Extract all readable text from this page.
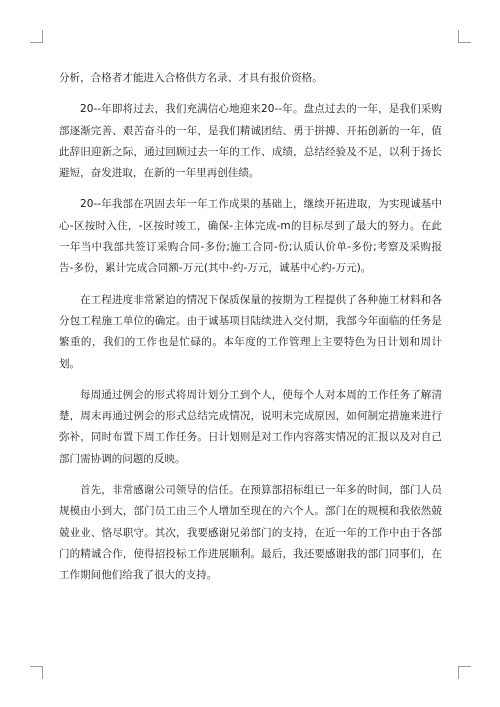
分析，合格者才能进入合格供方名录、才具有报价资格。

20--年即将过去，我们充满信心地迎来20--年。盘点过去的一年，是我们采购部逐渐完善、艰苦奋斗的一年，是我们精诚团结、勇于拼搏、开拓创新的一年，值此辞旧迎新之际，通过回顾过去一年的工作、成绩，总结经验及不足，以利于扬长避短，奋发进取，在新的一年里再创佳绩。

20--年我部在巩固去年一年工作成果的基础上，继续开拓进取，为实现诚基中心-区按时入住，-区按时竣工，确保-主体完成-m的目标尽到了最大的努力。在此一年当中我部共签订采购合同-多份;施工合同-份;认质认价单-多份;考察及采购报告-多份，累计完成合同额-万元(其中-约-万元，诚基中心约-万元)。

在工程进度非常紧迫的情况下保质保量的按期为工程提供了各种施工材料和各分包工程施工单位的确定。由于诚基项目陆续进入交付期，我部今年面临的任务是繁重的，我们的工作也是忙碌的。本年度的工作管理上主要特色为日计划和周计划。

每周通过例会的形式将周计划分工到个人，使每个人对本周的工作任务了解清楚，周末再通过例会的形式总结完成情况，说明未完成原因，如何制定措施来进行弥补，同时布置下周工作任务。日计划则是对工作内容落实情况的汇报以及对自己部门需协调的问题的反映。

首先，非常感谢公司领导的信任。在预算部招标组已一年多的时间，部门人员规模由小到大，部门员工由三个人增加至现在的六个人。部门在的规模和我依然兢兢业业、恪尽职守。其次，我要感谢兄弟部门的支持，在近一年的工作中由于各部门的精诚合作，使得招投标工作进展顺利。最后，我还要感谢我的部门同事们，在工作期间他们给我了很大的支持。
